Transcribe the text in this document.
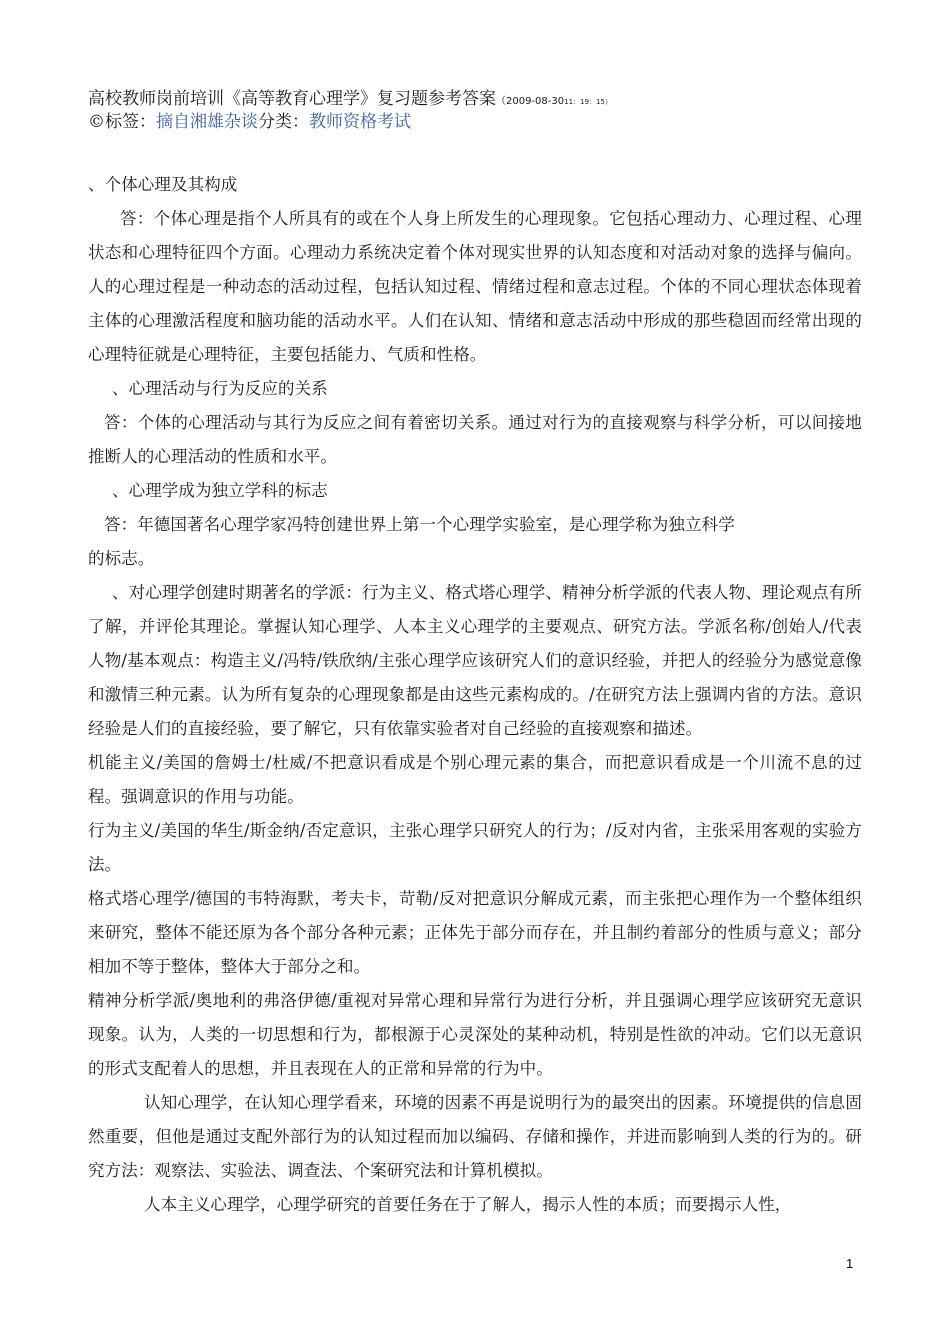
高校教师岗前培训《高等教育心理学》复习题参考答案（2009-08-3011：19：15）
©标签：摘自湘雄杂谈分类：教师资格考试

、个体心理及其构成

答：个体心理是指个人所具有的或在个人身上所发生的心理现象。它包括心理动力、心理过程、心理状态和心理特征四个方面。心理动力系统决定着个体对现实世界的认知态度和对活动对象的选择与偏向。人的心理过程是一种动态的活动过程，包括认知过程、情绪过程和意志过程。个体的不同心理状态体现着主体的心理激活程度和脑功能的活动水平。人们在认知、情绪和意志活动中形成的那些稳固而经常出现的心理特征就是心理特征，主要包括能力、气质和性格。

、心理活动与行为反应的关系

答：个体的心理活动与其行为反应之间有着密切关系。通过对行为的直接观察与科学分析，可以间接地推断人的心理活动的性质和水平。

、心理学成为独立学科的标志

答：年德国著名心理学家冯特创建世界上第一个心理学实验室，是心理学称为独立科学

的标志。

、对心理学创建时期著名的学派：行为主义、格式塔心理学、精神分析学派的代表人物、理论观点有所了解，并评伦其理论。掌握认知心理学、人本主义心理学的主要观点、研究方法。学派名称/创始人/代表人物/基本观点：构造主义/冯特/铁欣纳/主张心理学应该研究人们的意识经验，并把人的经验分为感觉意像和激情三种元素。认为所有复杂的心理现象都是由这些元素构成的。/在研究方法上强调内省的方法。意识经验是人们的直接经验，要了解它，只有依靠实验者对自己经验的直接观察和描述。

机能主义/美国的詹姆士/杜威/不把意识看成是个别心理元素的集合，而把意识看成是一个川流不息的过程。强调意识的作用与功能。

行为主义/美国的华生/斯金纳/否定意识，主张心理学只研究人的行为；/反对内省，主张采用客观的实验方法。

格式塔心理学/德国的韦特海默，考夫卡，苛勒/反对把意识分解成元素，而主张把心理作为一个整体组织来研究，整体不能还原为各个部分各种元素；正体先于部分而存在，并且制约着部分的性质与意义；部分相加不等于整体，整体大于部分之和。

精神分析学派/奥地利的弗洛伊德/重视对异常心理和异常行为进行分析，并且强调心理学应该研究无意识现象。认为，人类的一切思想和行为，都根源于心灵深处的某种动机，特别是性欲的冲动。它们以无意识的形式支配着人的思想，并且表现在人的正常和异常的行为中。

认知心理学，在认知心理学看来，环境的因素不再是说明行为的最突出的因素。环境提供的信息固然重要，但他是通过支配外部行为的认知过程而加以编码、存储和操作，并进而影响到人类的行为的。研究方法：观察法、实验法、调查法、个案研究法和计算机模拟。

人本主义心理学，心理学研究的首要任务在于了解人，揭示人性的本质；而要揭示人性，

1
